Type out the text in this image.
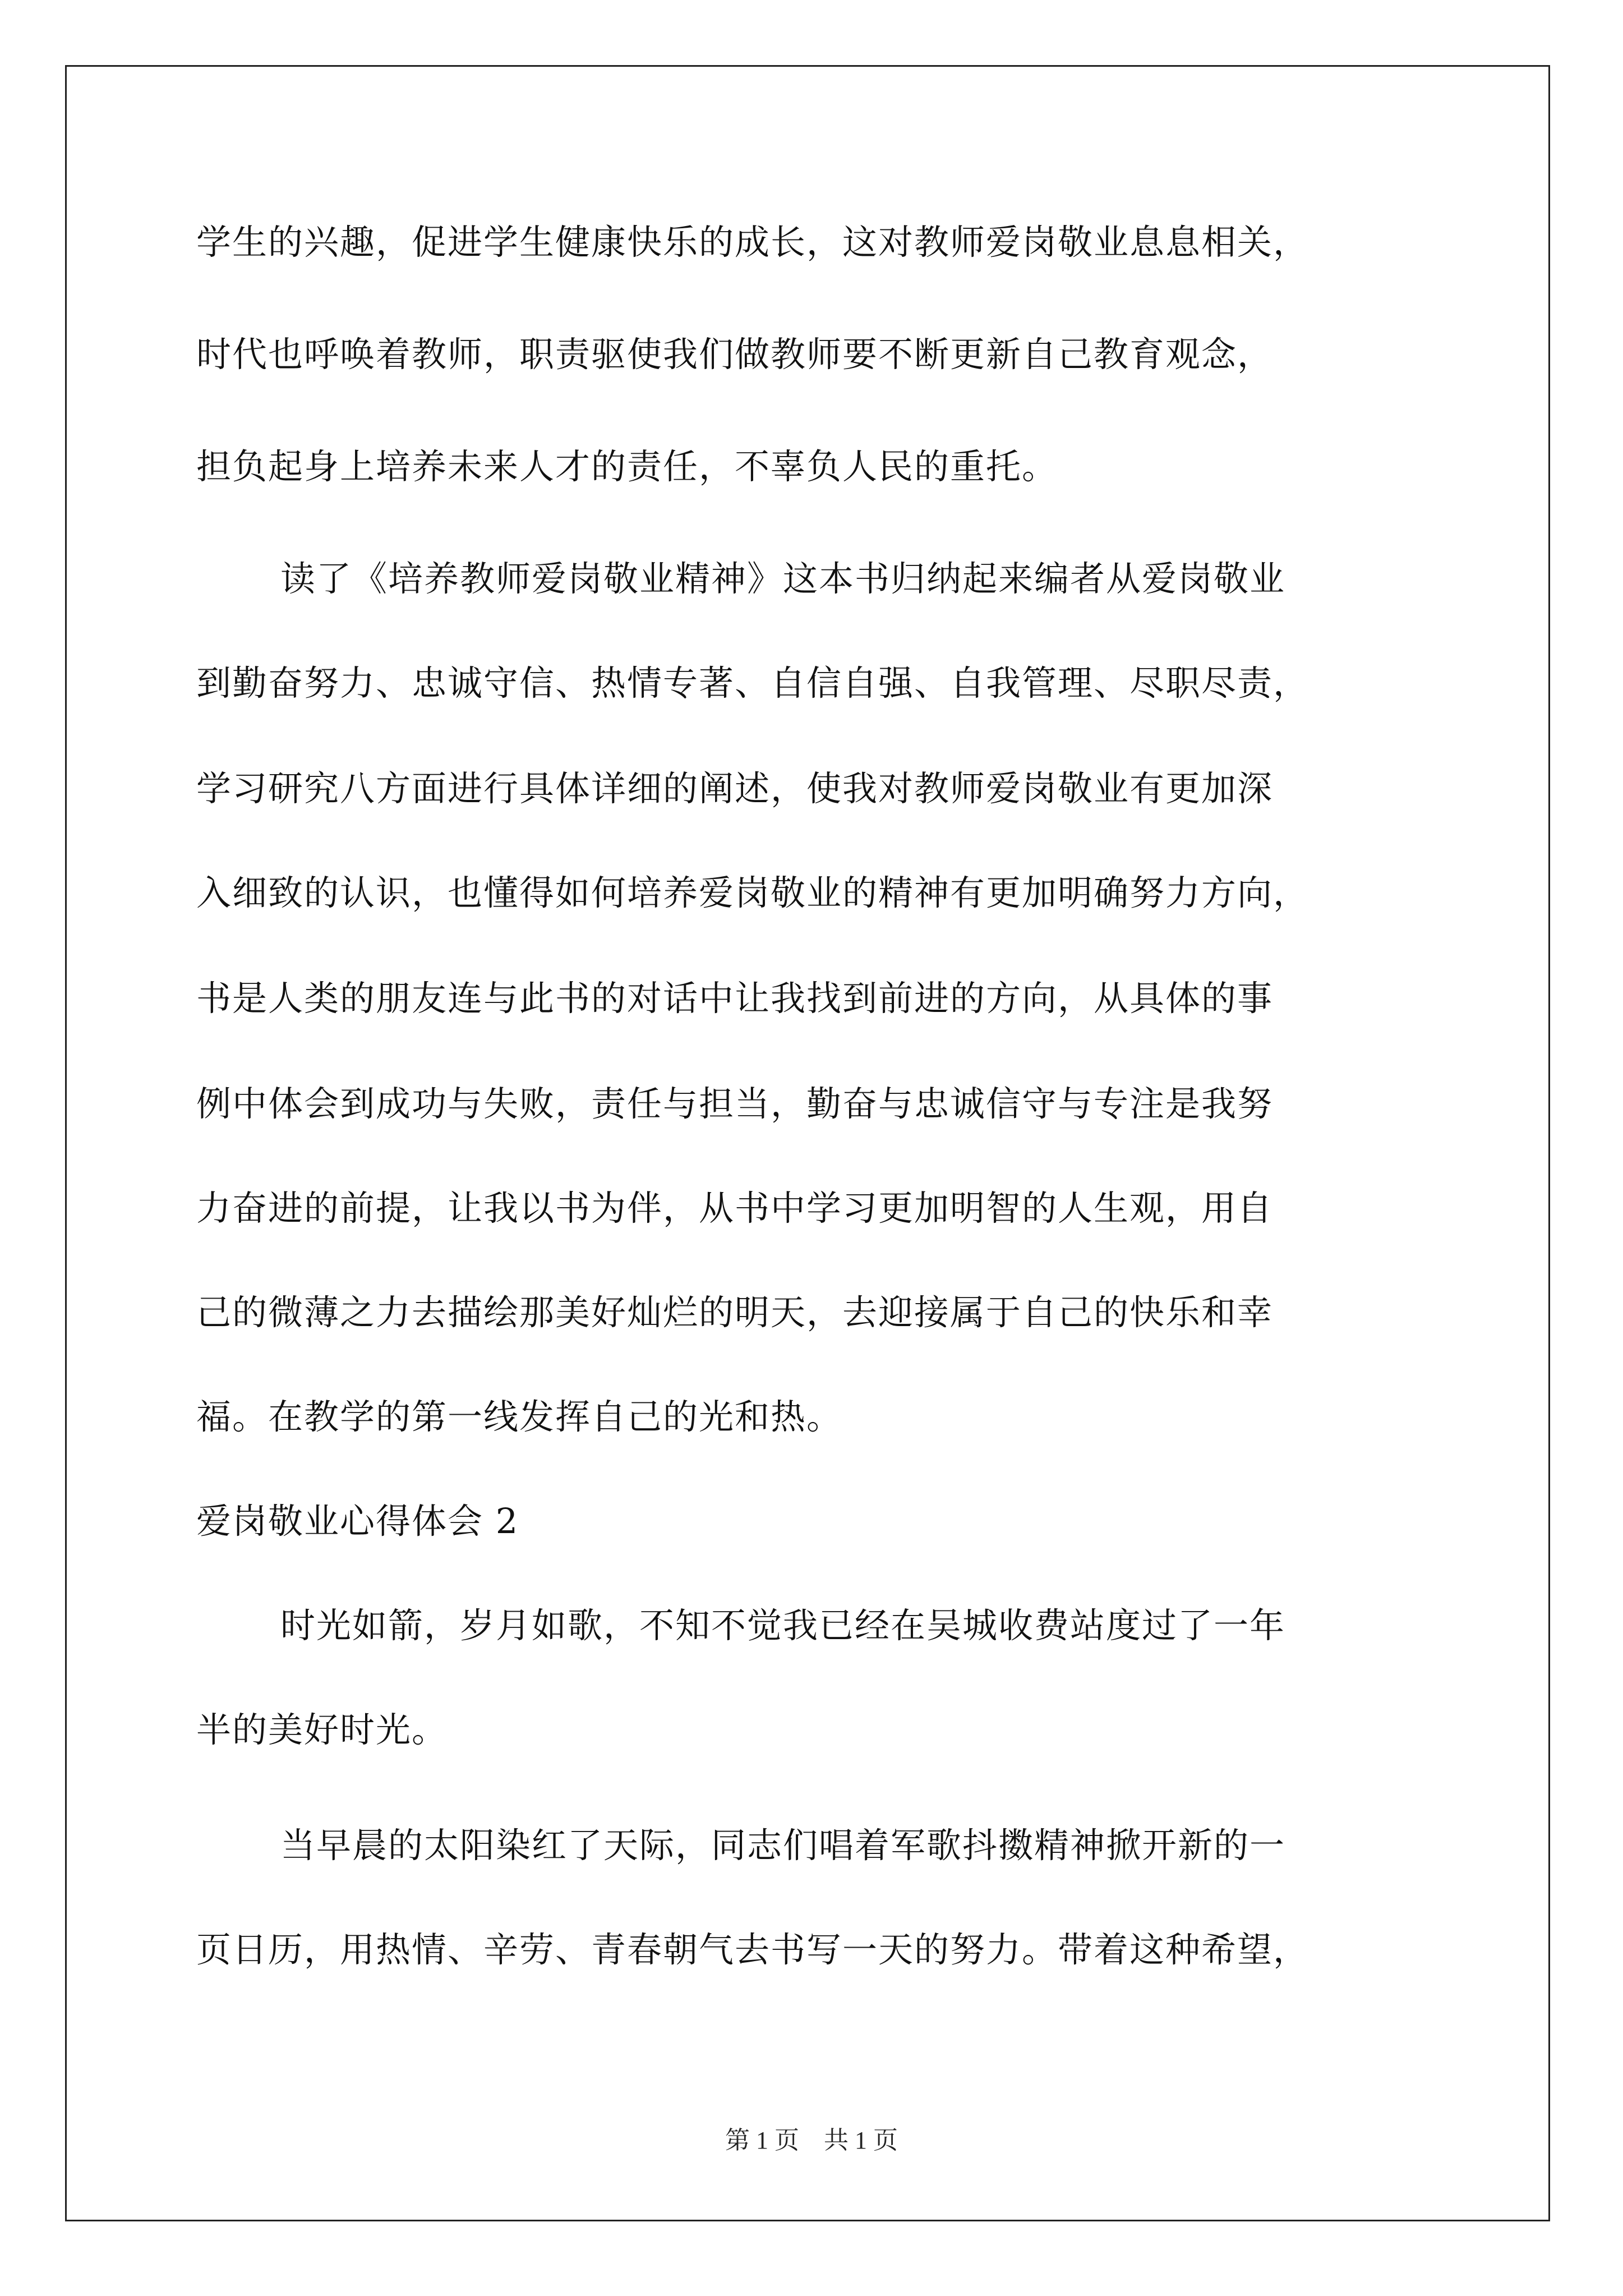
学生的兴趣，促进学生健康快乐的成长，这对教师爱岗敬业息息相关，
时代也呼唤着教师，职责驱使我们做教师要不断更新自己教育观念，
担负起身上培养未来人才的责任，不辜负人民的重托。
读了《培养教师爱岗敬业精神》这本书归纳起来编者从爱岗敬业
到勤奋努力、忠诚守信、热情专著、自信自强、自我管理、尽职尽责，
学习研究八方面进行具体详细的阐述，使我对教师爱岗敬业有更加深
入细致的认识，也懂得如何培养爱岗敬业的精神有更加明确努力方向，
书是人类的朋友连与此书的对话中让我找到前进的方向，从具体的事
例中体会到成功与失败，责任与担当，勤奋与忠诚信守与专注是我努
力奋进的前提，让我以书为伴，从书中学习更加明智的人生观，用自
己的微薄之力去描绘那美好灿烂的明天，去迎接属于自己的快乐和幸
福。在教学的第一线发挥自己的光和热。
爱岗敬业心得体会 2
时光如箭，岁月如歌，不知不觉我已经在吴城收费站度过了一年
半的美好时光。
当早晨的太阳染红了天际，同志们唱着军歌抖擞精神掀开新的一
页日历，用热情、辛劳、青春朝气去书写一天的努力。带着这种希望，
第 1 页    共 1 页
